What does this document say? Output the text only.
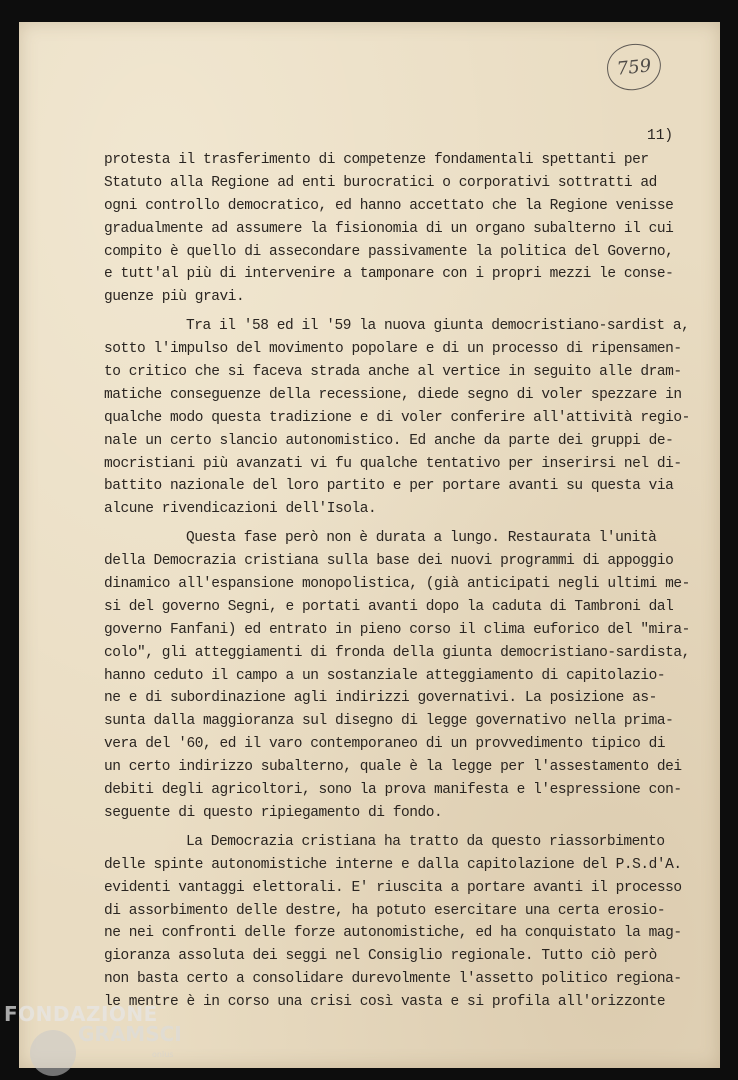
759
11)
protesta il trasferimento di competenze fondamentali spettanti per
Statuto alla Regione ad enti burocratici o corporativi sottratti ad
ogni controllo democratico, ed hanno accettato che la Regione venisse
gradualmente ad assumere la fisionomia di un organo subalterno il cui
compito è quello di assecondare passivamente la politica del Governo,
e tutt'al più di intervenire a tamponare con i propri mezzi le conse-
guenze più gravi.
Tra il '58 ed il '59 la nuova giunta democristiano-sardist a,
sotto l'impulso del movimento popolare e di un processo di ripensamen-
to critico che si faceva strada anche al vertice in seguito alle dram-
matiche conseguenze della recessione, diede segno di voler spezzare in
qualche modo questa tradizione e di voler conferire all'attività regio-
nale un certo slancio autonomistico. Ed anche da parte dei gruppi de-
mocristiani più avanzati vi fu qualche tentativo per inserirsi nel di-
battito nazionale del loro partito e per portare avanti su questa via
alcune rivendicazioni dell'Isola.
Questa fase però non è durata a lungo. Restaurata l'unità
della Democrazia cristiana sulla base dei nuovi programmi di appoggio
dinamico all'espansione monopolistica, (già anticipati negli ultimi me-
si del governo Segni, e portati avanti dopo la caduta di Tambroni dal
governo Fanfani) ed entrato in pieno corso il clima euforico del "mira-
colo", gli atteggiamenti di fronda della giunta democristiano-sardista,
hanno ceduto il campo a un sostanziale atteggiamento di capitolazio-
ne e di subordinazione agli indirizzi governativi. La posizione as-
sunta dalla maggioranza sul disegno di legge governativo nella prima-
vera del '60, ed il varo contemporaneo di un provvedimento tipico di
un certo indirizzo subalterno, quale è la legge per l'assestamento dei
debiti degli agricoltori, sono la prova manifesta e l'espressione con-
seguente di questo ripiegamento di fondo.
La Democrazia cristiana ha tratto da questo riassorbimento
delle spinte autonomistiche interne e dalla capitolazione del P.S.d'A.
evidenti vantaggi elettorali. E' riuscita a portare avanti il processo
di assorbimento delle destre, ha potuto esercitare una certa erosio-
ne nei confronti delle forze autonomistiche, ed ha conquistato la mag-
gioranza assoluta dei seggi nel Consiglio regionale. Tutto ciò però
non basta certo a consolidare durevolmente l'assetto politico regiona-
le mentre è in corso una crisi così vasta e si profila all'orizzonte
FONDAZIONE
GRAMSCI
onlus
